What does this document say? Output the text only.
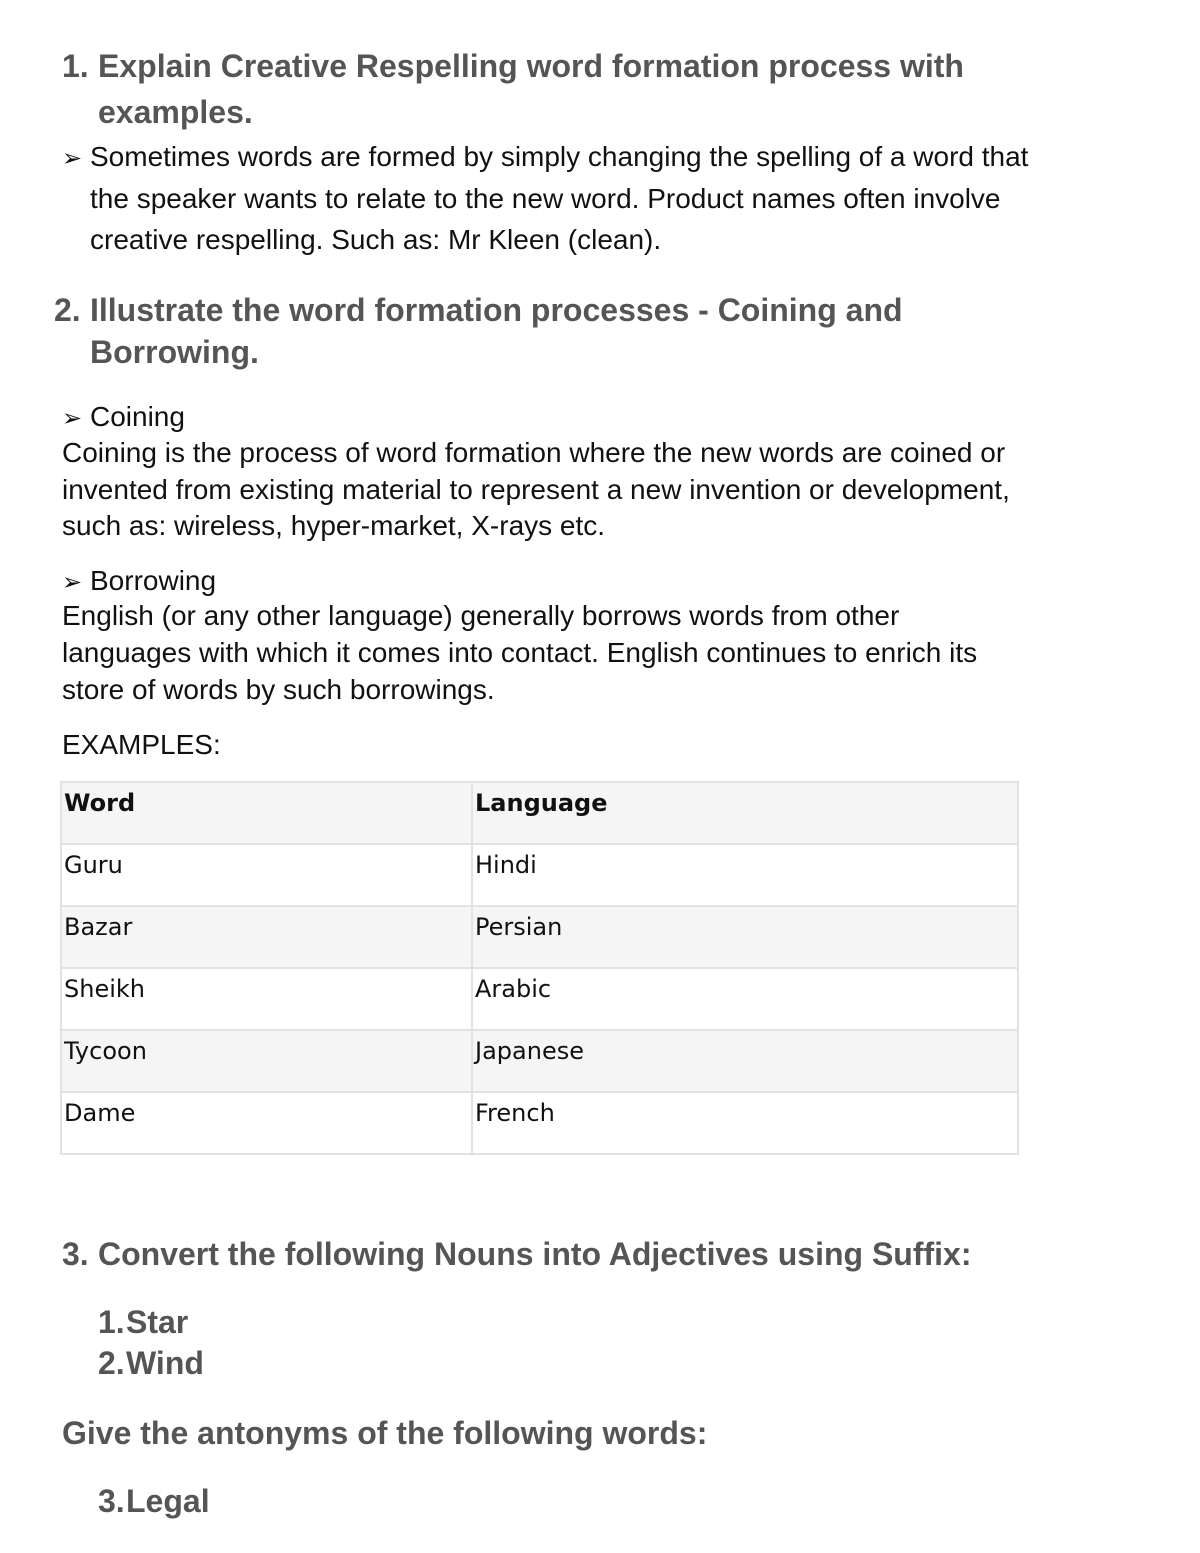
1. Explain Creative Respelling word formation process with
examples.
➢ Sometimes words are formed by simply changing the spelling of a word that
the speaker wants to relate to the new word. Product names often involve
creative respelling. Such as: Mr Kleen (clean).
2. Illustrate the word formation processes - Coining and
Borrowing.
➢ Coining
Coining is the process of word formation where the new words are coined or
invented from existing material to represent a new invention or development,
such as: wireless, hyper-market, X-rays etc.
➢ Borrowing
English (or any other language) generally borrows words from other
languages with which it comes into contact. English continues to enrich its
store of words by such borrowings.
EXAMPLES:
Word	Language
Guru	Hindi
Bazar	Persian
Sheikh	Arabic
Tycoon	Japanese
Dame	French
3. Convert the following Nouns into Adjectives using Suffix:
1.Star
2.Wind
Give the antonyms of the following words:
3.Legal
